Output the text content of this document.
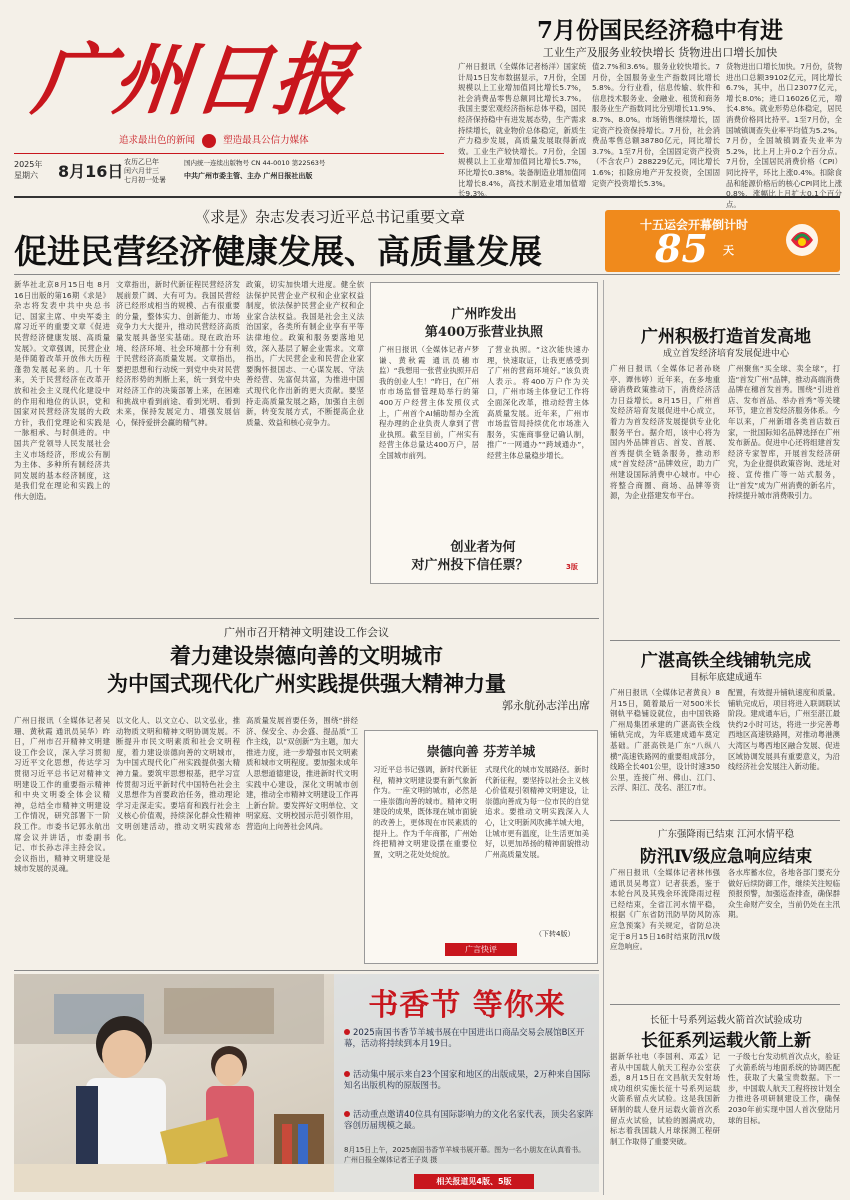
广州日报
追求最出色的新闻	塑造最具公信力媒体
2025年
星期六 8月16日 农历乙巳年
闰六月廿三
七月初一处暑
国内统一连续出版物号 CN 44-0010 第22563号
中共广州市委主管、主办 广州日报社出版
7月份国民经济稳中有进
工业生产及服务业较快增长 货物进出口增长加快

广州日报讯（全媒体记者杨洋）国家统计局15日发布数据显示，7月份，全国规模以上工业增加值同比增长5.7%，社会消费品零售总额同比增长3.7%。我国主要宏观经济指标总体平稳，国民经济保持稳中有进发展态势，生产需求持续增长，就业物价总体稳定，新质生产力稳步发展，高质量发展取得新成效。工业生产较快增长。7月份，全国规模以上工业增加值同比增长5.7%，环比增长0.38%。装备制造业增加值同比增长8.4%，高技术制造业增加值增长9.3%。

值2.7%和3.6%。服务业较快增长。7月份，全国服务业生产指数同比增长5.8%。分行业看，信息传输、软件和信息技术服务业、金融业、租赁和商务服务业生产指数同比分别增长11.9%、8.7%、8.0%。市场销售继续增长，固定资产投资保持增长。7月份，社会消费品零售总额38780亿元，同比增长3.7%。1至7月份，全国固定资产投资（不含农户）288229亿元，同比增长1.6%；扣除房地产开发投资，全国固定资产投资增长5.3%。

货物进出口增长加快。7月份，货物进出口总额39102亿元，同比增长6.7%，其中，出口23077亿元，增长8.0%；进口16026亿元，增长4.8%。就业形势总体稳定，居民消费价格同比持平。1至7月份，全国城镇调查失业率平均值为5.2%。7月份，全国城镇调查失业率为5.2%，比上月上升0.2个百分点。7月份，全国居民消费价格（CPI）同比持平，环比上涨0.4%。扣除食品和能源价格后的核心CPI同比上涨0.8%，涨幅比上月扩大0.1个百分点。

《求是》杂志发表习近平总书记重要文章
促进民营经济健康发展、高质量发展
十五运会开幕倒计时
85 天

新华社北京8月15日电 8月16日出版的第16期《求是》杂志将发表中共中央总书记、国家主席、中央军委主席习近平的重要文章《促进民营经济健康发展、高质量发展》。文章强调，民营企业是伴随着改革开放伟大历程蓬勃发展起来的。几十年来，关于民营经济在改革开放和社会主义现代化建设中的作用和地位的认识，党和国家对民营经济发展的大政方针，我们党理论和实践是一脉相承、与时俱进的。中国共产党领导人民发展社会主义市场经济，形成公有制为主体、多种所有制经济共同发展的基本经济制度，这是我们党在理论和实践上的伟大创造。

文章指出，新时代新征程民营经济发展前景广阔、大有可为。我国民营经济已经形成相当的规模、占有很重要的分量，整体实力、创新能力、市场竞争力大大提升，推动民营经济高质量发展具备坚实基础。现在政治环境、经济环境、社会环境都十分有利于民营经济高质量发展。文章指出，要把思想和行动统一到党中央对民营经济形势的判断上来，统一到党中央对经济工作的决策部署上来，在困难和挑战中看到前途、看到光明、看到未来，保持发展定力、增强发展信心，保持爱拼会赢的精气神。

政策，切实加快增大进度。健全依法保护民营企业产权和企业家权益制度，依法保护民营企业产权和企业家合法权益。我国是社会主义法治国家，各类所有制企业享有平等法律地位。政策和服务要落地见效，深入基层了解企业需求。文章指出，广大民营企业和民营企业家要胸怀报国志、一心谋发展、守法善经营、先富促共富，为推进中国式现代化作出新的更大贡献。要坚持走高质量发展之路，加强自主创新，转变发展方式，不断提高企业质量、效益和核心竞争力。

广州昨发出
第400万张营业执照

广州日报讯（全媒体记者卢梦谦、黄秋霞 通讯员穗市监）“我想用一张营业执照开启我的创业人生！”昨日，在广州市市场监督管理局举行的第400万户经营主体发照仪式上，广州首个AI辅助帮办全流程办理的企业负责人拿到了营业执照。截至目前，广州实有经营主体总量达400万户，居全国城市前列。

了营业执照。“这次能快速办理，快速取证，让我更感受到了广州的营商环境好。”该负责人表示。将400万户作为关口，广州市场主体登记工作将全面深化改革，推动经营主体高质量发展。近年来，广州市市场监管局持续优化市场准入服务，实施商事登记确认制，推广“一网通办”“跨域通办”，经营主体总量稳步增长。

创业者为何
对广州投下信任票？	3版
广州积极打造首发高地
成立首发经济培育发展促进中心

广州日报讯（全媒体记者孙晓亭、谭伟婷）近年来，在多地重磅消费政策推动下，消费经济活力日益增长。8月15日，广州首发经济培育发展促进中心成立，着力为首发经济发展提供专业化服务平台。据介绍，该中心将为国内外品牌首店、首发、首展、首秀提供全链条服务，推动形成“首发经济”品牌效应，助力广州建设国际消费中心城市。中心将整合商圈、商场、品牌等资源，为企业搭建发布平台。

广州聚焦“买全球、卖全球”，打造“首发广州”品牌，推动高端消费品牌在穗首发首秀。围绕“引进首店、发布首品、举办首秀”等关键环节，建立首发经济服务体系。今年以来，广州新增各类首店数百家，一批国际知名品牌选择在广州发布新品。促进中心还将组建首发经济专家智库，开展首发经济研究，为企业提供政策咨询、选址对接、宣传推广等一站式服务，让“首发”成为广州消费的新名片，持续提升城市消费吸引力。

广州市召开精神文明建设工作会议
着力建设崇德向善的文明城市
为中国式现代化广州实践提供强大精神力量
郭永航孙志洋出席

广州日报讯（全媒体记者吴珊、黄秋霞 通讯员吴华）昨日，广州市召开精神文明建设工作会议，深入学习贯彻习近平文化思想，传达学习贯彻习近平总书记对精神文明建设工作的重要指示精神和中央文明委全体会议精神，总结全市精神文明建设工作情况，研究部署下一阶段工作。市委书记郭永航出席会议并讲话，市委副书记、市长孙志洋主持会议。会议指出，精神文明建设是城市发展的灵魂。

以文化人、以文立心、以文弘业，推动物质文明和精神文明协调发展。不断提升市民文明素质和社会文明程度，着力建设崇德向善的文明城市，为中国式现代化广州实践提供强大精神力量。要筑牢思想根基，把学习宣传贯彻习近平新时代中国特色社会主义思想作为首要政治任务，推动理论学习走深走实。要培育和践行社会主义核心价值观，持续深化群众性精神文明创建活动，推动文明实践常态化。

高质量发展首要任务，围绕“拼经济、保安全、办会盛、提品质”工作主线，以“双创新”为主题，加大推进力度，进一步增强市民文明素质和城市文明程度。要加强未成年人思想道德建设，推进新时代文明实践中心建设，深化文明城市创建，推动全市精神文明建设工作再上新台阶。要发挥好文明单位、文明家庭、文明校园示范引领作用，营造向上向善社会风尚。

崇德向善 芬芳羊城

习近平总书记强调，新时代新征程，精神文明建设要有新气象新作为。一座文明的城市，必然是一座崇德向善的城市。精神文明建设的成果，既体现在城市面貌的改善上，更体现在市民素质的提升上。作为千年商都，广州始终把精神文明建设摆在重要位置，文明之花处处绽放。

式现代化的城市发展路径。新时代新征程，要坚持以社会主义核心价值观引领精神文明建设，让崇德向善成为每一位市民的自觉追求。要推动文明实践深入人心，让文明新风吹拂羊城大地，让城市更有温度，让生活更加美好，以更加昂扬的精神面貌推动广州高质量发展。

（下转4版）
广言快评
广湛高铁全线铺轨完成
目标年底建成通车

广州日报讯（全媒体记者黄良）8月15日，随着最后一对500米长钢轨平稳铺设就位，由中国铁路广州局集团承建的广湛高铁全线铺轨完成，为年底建成通车奠定基础。广湛高铁是广东“八纵八横”高速铁路网的重要组成部分，线路全长401公里，设计时速350公里，连接广州、佛山、江门、云浮、阳江、茂名、湛江7市。

配置，有效提升铺轨速度和质量。铺轨完成后，项目将进入联调联试阶段。建成通车后，广州至湛江最快约2小时可达，将进一步完善粤西地区高速铁路网，对推动粤港澳大湾区与粤西地区融合发展、促进区域协调发展具有重要意义，为沿线经济社会发展注入新动能。

广东强降雨已结束 江河水情平稳
防汛Ⅳ级应急响应结束

广州日报讯（全媒体记者林伟强 通讯员吴粤宣）记者获悉，鉴于本轮台风及其残余环流降雨过程已经结束，全省江河水情平稳，根据《广东省防汛防旱防风防冻应急预案》有关规定，省防总决定于8月15日16时结束防汛Ⅳ级应急响应。

各水库蓄水位，各地各部门要充分做好后续防御工作，继续关注短临预报预警，加强巡查排查，确保群众生命财产安全，当前仍处在主汛期。

长征十号系列运载火箭首次试验成功
长征系列运载火箭上新

据新华社电（李国利、邓孟）记者从中国载人航天工程办公室获悉，8月15日在文昌航天发射场成功组织实施长征十号系列运载火箭系留点火试验。这是我国新研制的载人登月运载火箭首次系留点火试验，试验的圆满成功，标志着我国载人月球探测工程研制工作取得了重要突破。

一子级七台发动机首次点火，验证了火箭系统与地面系统的协调匹配性，获取了大量宝贵数据。下一步，中国载人航天工程将按计划全力推进各项研制建设工作，确保2030年前实现中国人首次登陆月球的目标。

书香节 等你来
2025南国书香节羊城书展在中国进出口商品交易会展馆B区开幕，活动将持续到本月19日。
活动集中展示来自23个国家和地区的出版成果，2万种来自国际知名出版机构的原版图书。
活动重点邀请40位具有国际影响力的文化名家代表，顶尖名家阵容创历届规模之最。
8月15日上午，2025南国书香节羊城书展开幕。图为一名小朋友在认真看书。 广州日报全媒体记者王子岚 摄
相关报道见4版、5版
